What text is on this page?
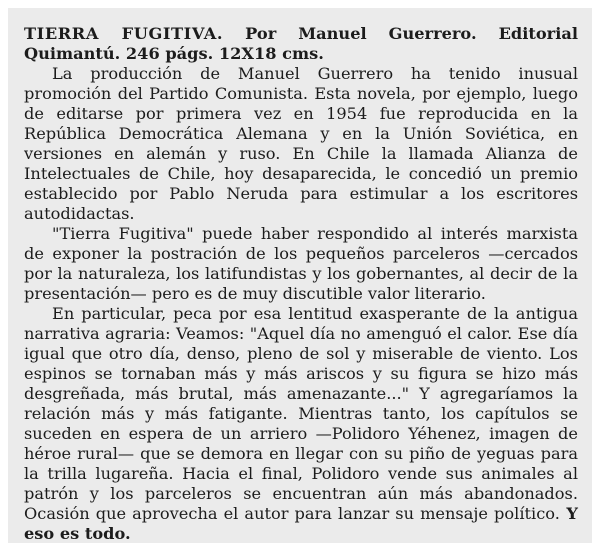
TIERRA FUGITIVA. Por Manuel Guerrero. Editorial Quimantú. 246 págs. 12X18 cms.

La producción de Manuel Guerrero ha tenido inusual promoción del Partido Comunista. Esta novela, por ejemplo, luego de editarse por primera vez en 1954 fue reproducida en la República Democrática Alemana y en la Unión Soviética, en versiones en alemán y ruso. En Chile la llamada Alianza de Intelectuales de Chile, hoy desaparecida, le concedió un premio establecido por Pablo Neruda para estimular a los escritores autodidactas.

"Tierra Fugitiva" puede haber respondido al interés marxista de exponer la postración de los pequeños parceleros —cercados por la naturaleza, los latifundistas y los gobernantes, al decir de la presentación— pero es de muy discutible valor literario.

En particular, peca por esa lentitud exasperante de la antigua narrativa agraria: Veamos: "Aquel día no amenguó el calor. Ese día igual que otro día, denso, pleno de sol y miserable de viento. Los espinos se tornaban más y más ariscos y su figura se hizo más desgreñada, más brutal, más amenazante..." Y agregaríamos la relación más y más fatigante. Mientras tanto, los capítulos se suceden en espera de un arriero —Polidoro Yéhenez, imagen de héroe rural— que se demora en llegar con su piño de yeguas para la trilla lugareña. Hacia el final, Polidoro vende sus animales al patrón y los parceleros se encuentran aún más abandonados. Ocasión que aprovecha el autor para lanzar su mensaje político. Y eso es todo.
